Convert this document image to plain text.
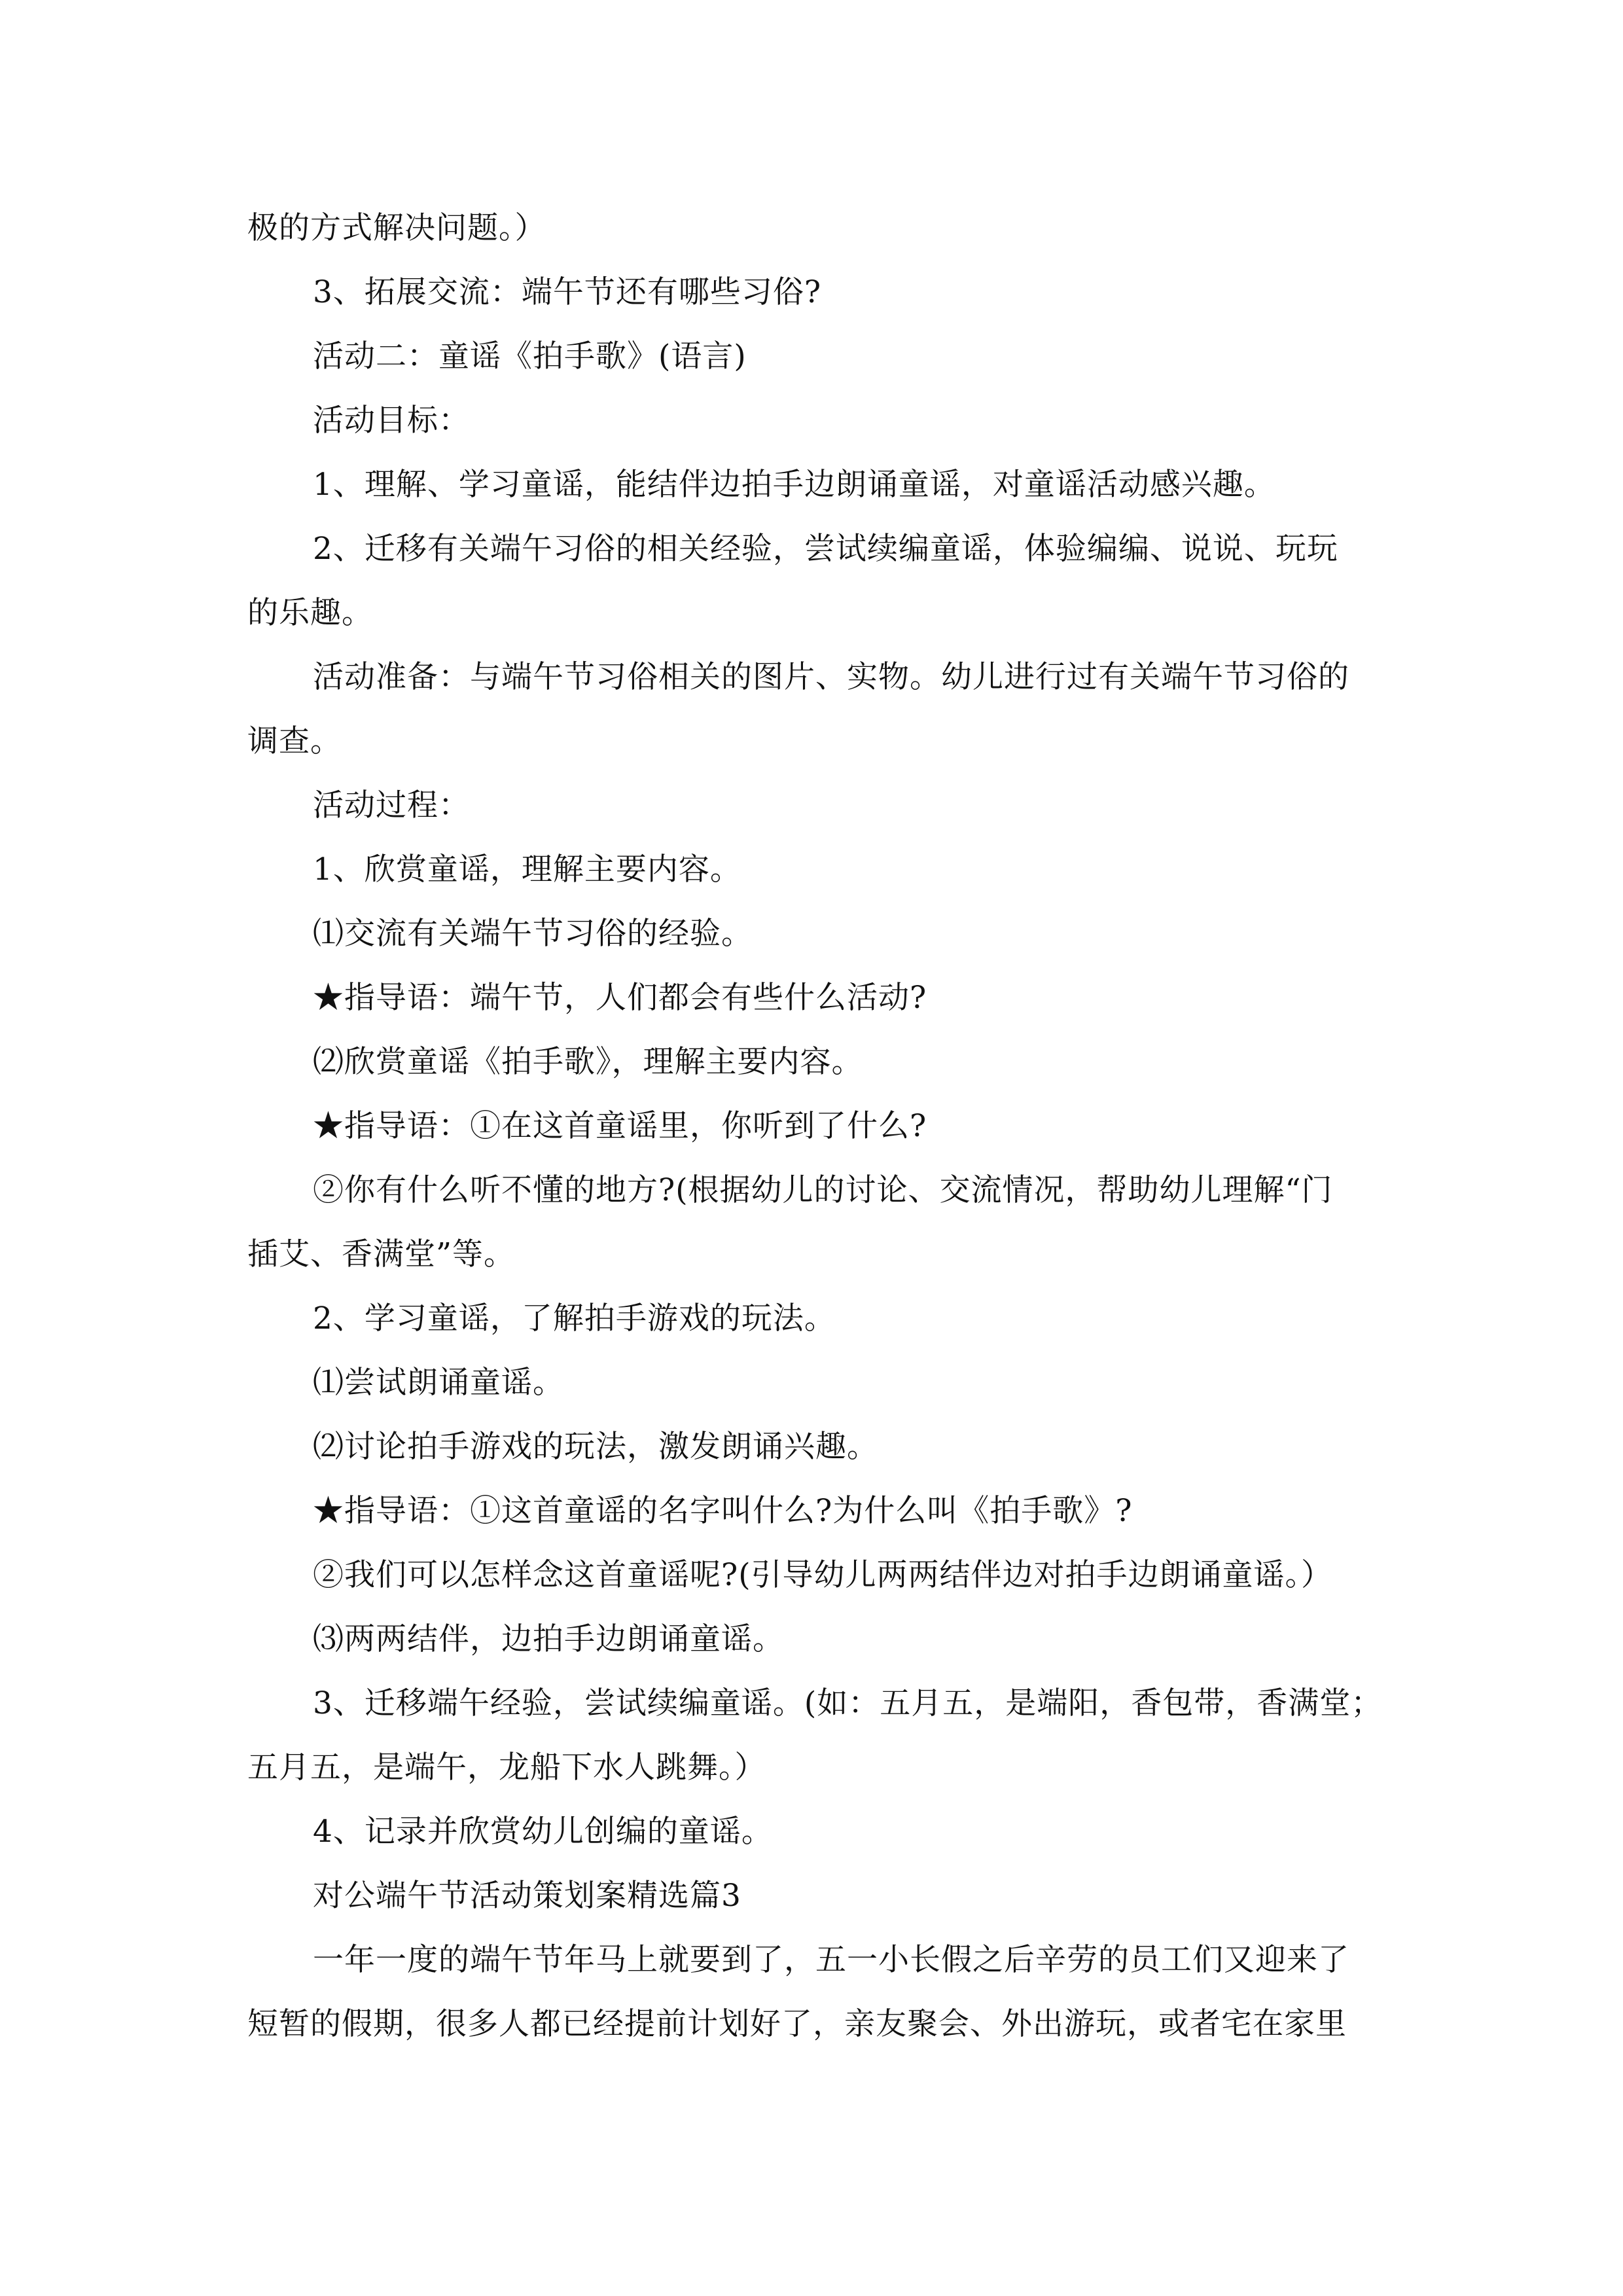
极的方式解决问题。）
3、拓展交流：端午节还有哪些习俗?
活动二：童谣《拍手歌》(语言)
活动目标：
1、理解、学习童谣，能结伴边拍手边朗诵童谣，对童谣活动感兴趣。
2、迁移有关端午习俗的相关经验，尝试续编童谣，体验编编、说说、玩玩
的乐趣。
活动准备：与端午节习俗相关的图片、实物。幼儿进行过有关端午节习俗的
调查。
活动过程：
1、欣赏童谣，理解主要内容。
⑴交流有关端午节习俗的经验。
★指导语：端午节，人们都会有些什么活动?
⑵欣赏童谣《拍手歌》，理解主要内容。
★指导语：①在这首童谣里，你听到了什么?
②你有什么听不懂的地方?(根据幼儿的讨论、交流情况，帮助幼儿理解“门
插艾、香满堂”等。
2、学习童谣，了解拍手游戏的玩法。
⑴尝试朗诵童谣。
⑵讨论拍手游戏的玩法，激发朗诵兴趣。
★指导语：①这首童谣的名字叫什么?为什么叫《拍手歌》?
②我们可以怎样念这首童谣呢?(引导幼儿两两结伴边对拍手边朗诵童谣。）
⑶两两结伴，边拍手边朗诵童谣。
3、迁移端午经验，尝试续编童谣。(如：五月五，是端阳，香包带，香满堂；
五月五，是端午，龙船下水人跳舞。）
4、记录并欣赏幼儿创编的童谣。
对公端午节活动策划案精选篇3
一年一度的端午节年马上就要到了，五一小长假之后辛劳的员工们又迎来了
短暂的假期，很多人都已经提前计划好了，亲友聚会、外出游玩，或者宅在家里
